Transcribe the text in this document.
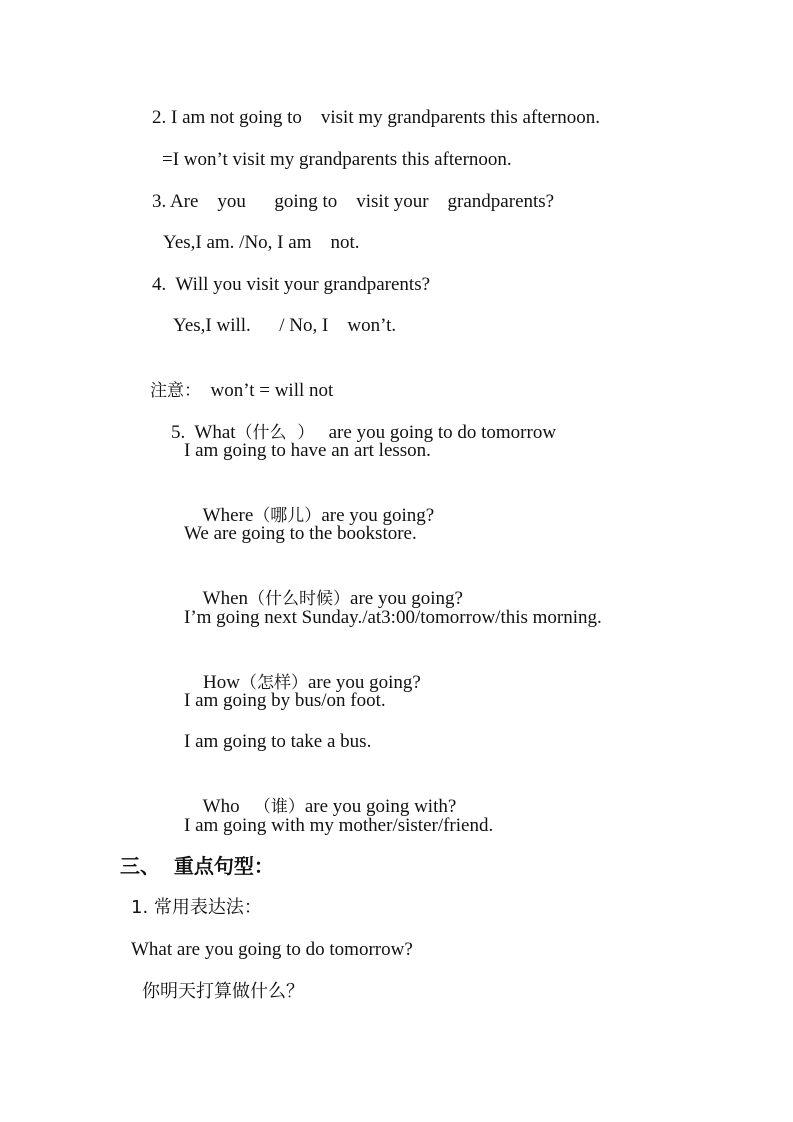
2. I am not going to    visit my grandparents this afternoon.
=I won’t visit my grandparents this afternoon.
3. Are    you      going to    visit your    grandparents?
Yes,I am. /No, I am    not.
4.  Will you visit your grandparents?
Yes,I will.      / No, I    won’t.

注意：  won’t = will not

5.  What（什么  ）   are you going to do tomorrow

I am going to have an art lesson.

Where（哪儿）are you going?

We are going to the bookstore.

When（什么时候）are you going?

I’m going next Sunday./at3:00/tomorrow/this morning.

How（怎样）are you going?

I am going by bus/on foot.
I am going to take a bus.

Who   （谁）are you going with?

I am going with my mother/sister/friend.
三、  重点句型：
1. 常用表达法：
What are you going to do tomorrow?
你明天打算做什么？
